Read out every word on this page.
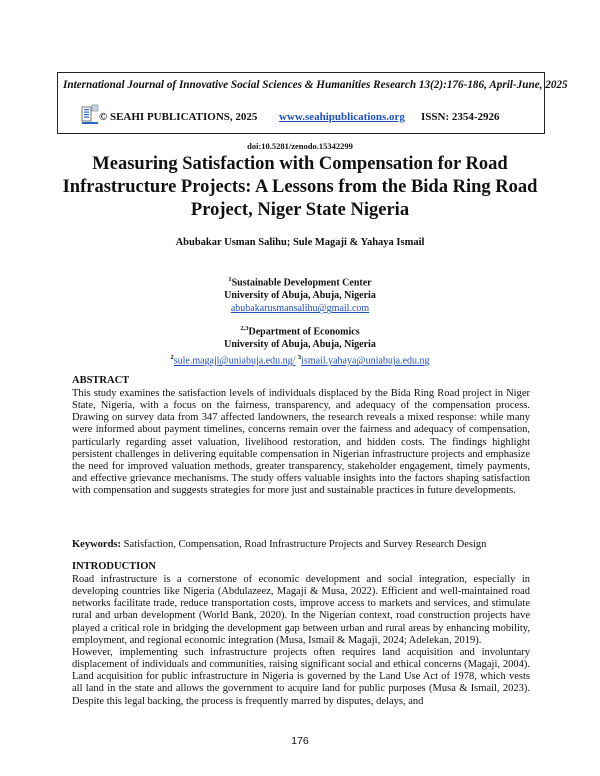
International Journal of Innovative Social Sciences & Humanities Research 13(2):176-186, April-June, 2025
© SEAHI PUBLICATIONS, 2025 www.seahipublications.org ISSN: 2354-2926
doi:10.5281/zenodo.15342299
Measuring Satisfaction with Compensation for Road Infrastructure Projects: A Lessons from the Bida Ring Road Project, Niger State Nigeria
Abubakar Usman Salihu; Sule Magaji & Yahaya Ismail
$^1$Sustainable Development Center
University of Abuja, Abuja, Nigeria
abubakarusmansalihu@gmail.com
$^{2,3}$Department of Economics
University of Abuja, Abuja, Nigeria
$^2$sule.magaji@uniabuja.edu.ng/ $^3$ismail.yahaya@uniabuja.edu.ng
ABSTRACT

This study examines the satisfaction levels of individuals displaced by the Bida Ring Road project in Niger State, Nigeria, with a focus on the fairness, transparency, and adequacy of the compensation process. Drawing on survey data from 347 affected landowners, the research reveals a mixed response: while many were informed about payment timelines, concerns remain over the fairness and adequacy of compensation, particularly regarding asset valuation, livelihood restoration, and hidden costs. The findings highlight persistent challenges in delivering equitable compensation in Nigerian infrastructure projects and emphasize the need for improved valuation methods, greater transparency, stakeholder engagement, timely payments, and effective grievance mechanisms. The study offers valuable insights into the factors shaping satisfaction with compensation and suggests strategies for more just and sustainable practices in future developments.

Keywords: Satisfaction, Compensation, Road Infrastructure Projects and Survey Research Design
INTRODUCTION

Road infrastructure is a cornerstone of economic development and social integration, especially in developing countries like Nigeria (Abdulazeez, Magaji & Musa, 2022). Efficient and well-maintained road networks facilitate trade, reduce transportation costs, improve access to markets and services, and stimulate rural and urban development (World Bank, 2020). In the Nigerian context, road construction projects have played a critical role in bridging the development gap between urban and rural areas by enhancing mobility, employment, and regional economic integration (Musa, Ismail & Magaji, 2024; Adelekan, 2019).

However, implementing such infrastructure projects often requires land acquisition and involuntary displacement of individuals and communities, raising significant social and ethical concerns (Magaji, 2004). Land acquisition for public infrastructure in Nigeria is governed by the Land Use Act of 1978, which vests all land in the state and allows the government to acquire land for public purposes (Musa & Ismail, 2023). Despite this legal backing, the process is frequently marred by disputes, delays, and

176
